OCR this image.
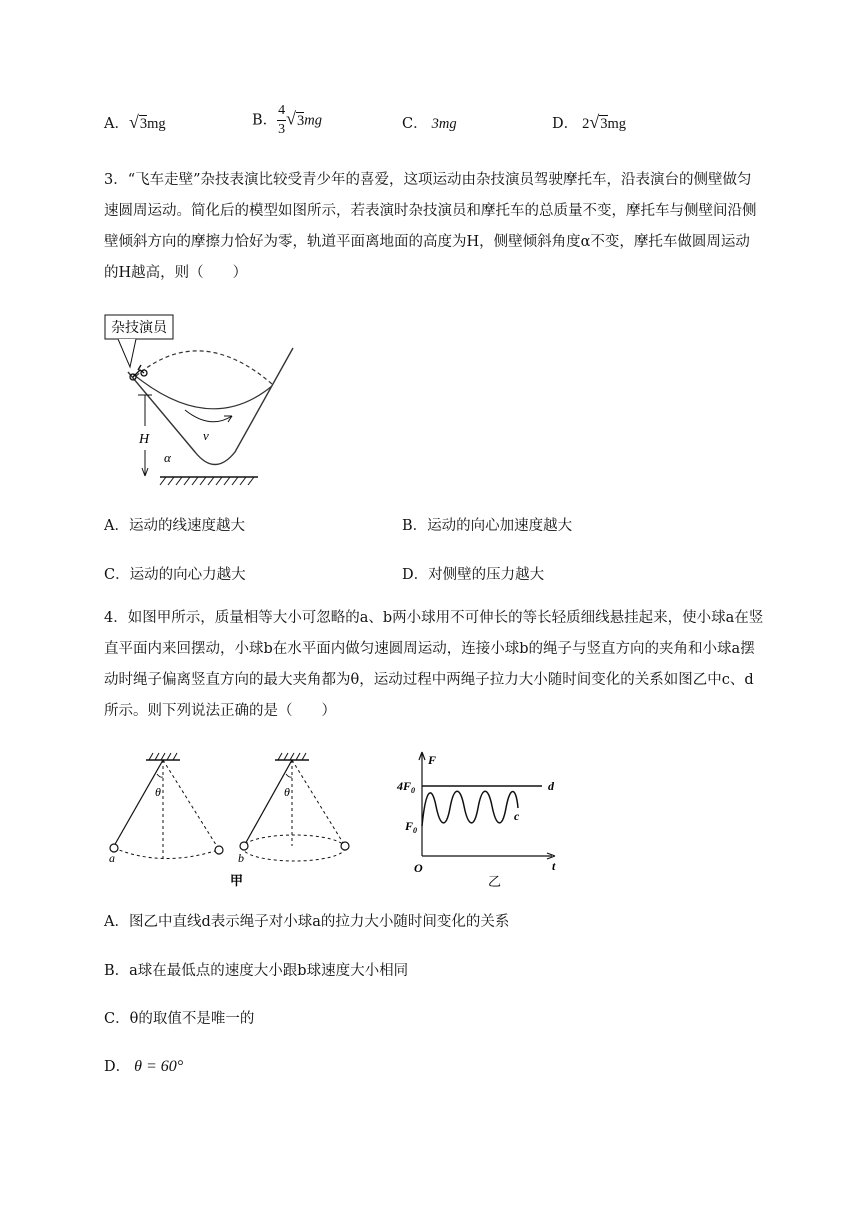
A．√3mg	B． $\frac{4}{3} √3mg$	C． 3mg	D． 2√3mg
3．“飞车走壁”杂技表演比较受青少年的喜爱，这项运动由杂技演员驾驶摩托车，沿表演台的侧壁做匀速圆周运动。简化后的模型如图所示，若表演时杂技演员和摩托车的总质量不变，摩托车与侧壁间沿侧壁倾斜方向的摩擦力恰好为零，轨道平面离地面的高度为H，侧壁倾斜角度α不变，摩托车做圆周运动的H越高，则（　　）
杂技演员
v
H
α
A．运动的线速度越大	B．运动的向心加速度越大
C．运动的向心力越大	D．对侧壁的压力越大
4．如图甲所示，质量相等大小可忽略的a、b两小球用不可伸长的等长轻质细线悬挂起来，使小球a在竖直平面内来回摆动，小球b在水平面内做匀速圆周运动，连接小球b的绳子与竖直方向的夹角和小球a摆动时绳子偏离竖直方向的最大夹角都为θ，运动过程中两绳子拉力大小随时间变化的关系如图乙中c、d所示。则下列说法正确的是（　　）
θ
a
θ
b
甲
F
t
O
d
c
$4F_0$
$F_0$
乙
A．图乙中直线d表示绳子对小球a的拉力大小随时间变化的关系
B．a球在最低点的速度大小跟b球速度大小相同
C．θ的取值不是唯一的
D． θ = 60°
